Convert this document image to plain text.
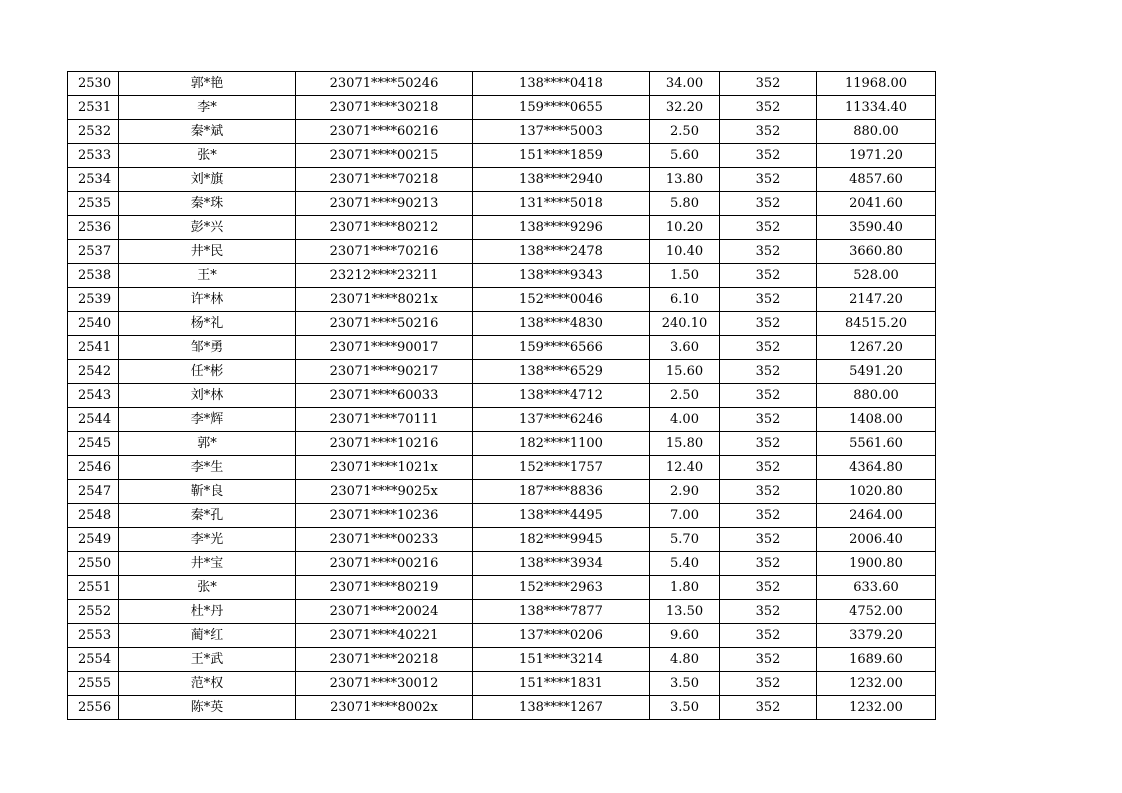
2530	郭*艳	23071****50246	138****0418	34.00	352	11968.00
2531	李*	23071****30218	159****0655	32.20	352	11334.40
2532	秦*斌	23071****60216	137****5003	2.50	352	880.00
2533	张*	23071****00215	151****1859	5.60	352	1971.20
2534	刘*旗	23071****70218	138****2940	13.80	352	4857.60
2535	秦*珠	23071****90213	131****5018	5.80	352	2041.60
2536	彭*兴	23071****80212	138****9296	10.20	352	3590.40
2537	井*民	23071****70216	138****2478	10.40	352	3660.80
2538	王*	23212****23211	138****9343	1.50	352	528.00
2539	许*林	23071****8021x	152****0046	6.10	352	2147.20
2540	杨*礼	23071****50216	138****4830	240.10	352	84515.20
2541	邹*勇	23071****90017	159****6566	3.60	352	1267.20
2542	任*彬	23071****90217	138****6529	15.60	352	5491.20
2543	刘*林	23071****60033	138****4712	2.50	352	880.00
2544	李*辉	23071****70111	137****6246	4.00	352	1408.00
2545	郭*	23071****10216	182****1100	15.80	352	5561.60
2546	李*生	23071****1021x	152****1757	12.40	352	4364.80
2547	靳*良	23071****9025x	187****8836	2.90	352	1020.80
2548	秦*孔	23071****10236	138****4495	7.00	352	2464.00
2549	李*光	23071****00233	182****9945	5.70	352	2006.40
2550	井*宝	23071****00216	138****3934	5.40	352	1900.80
2551	张*	23071****80219	152****2963	1.80	352	633.60
2552	杜*丹	23071****20024	138****7877	13.50	352	4752.00
2553	蔺*红	23071****40221	137****0206	9.60	352	3379.20
2554	王*武	23071****20218	151****3214	4.80	352	1689.60
2555	范*权	23071****30012	151****1831	3.50	352	1232.00
2556	陈*英	23071****8002x	138****1267	3.50	352	1232.00
